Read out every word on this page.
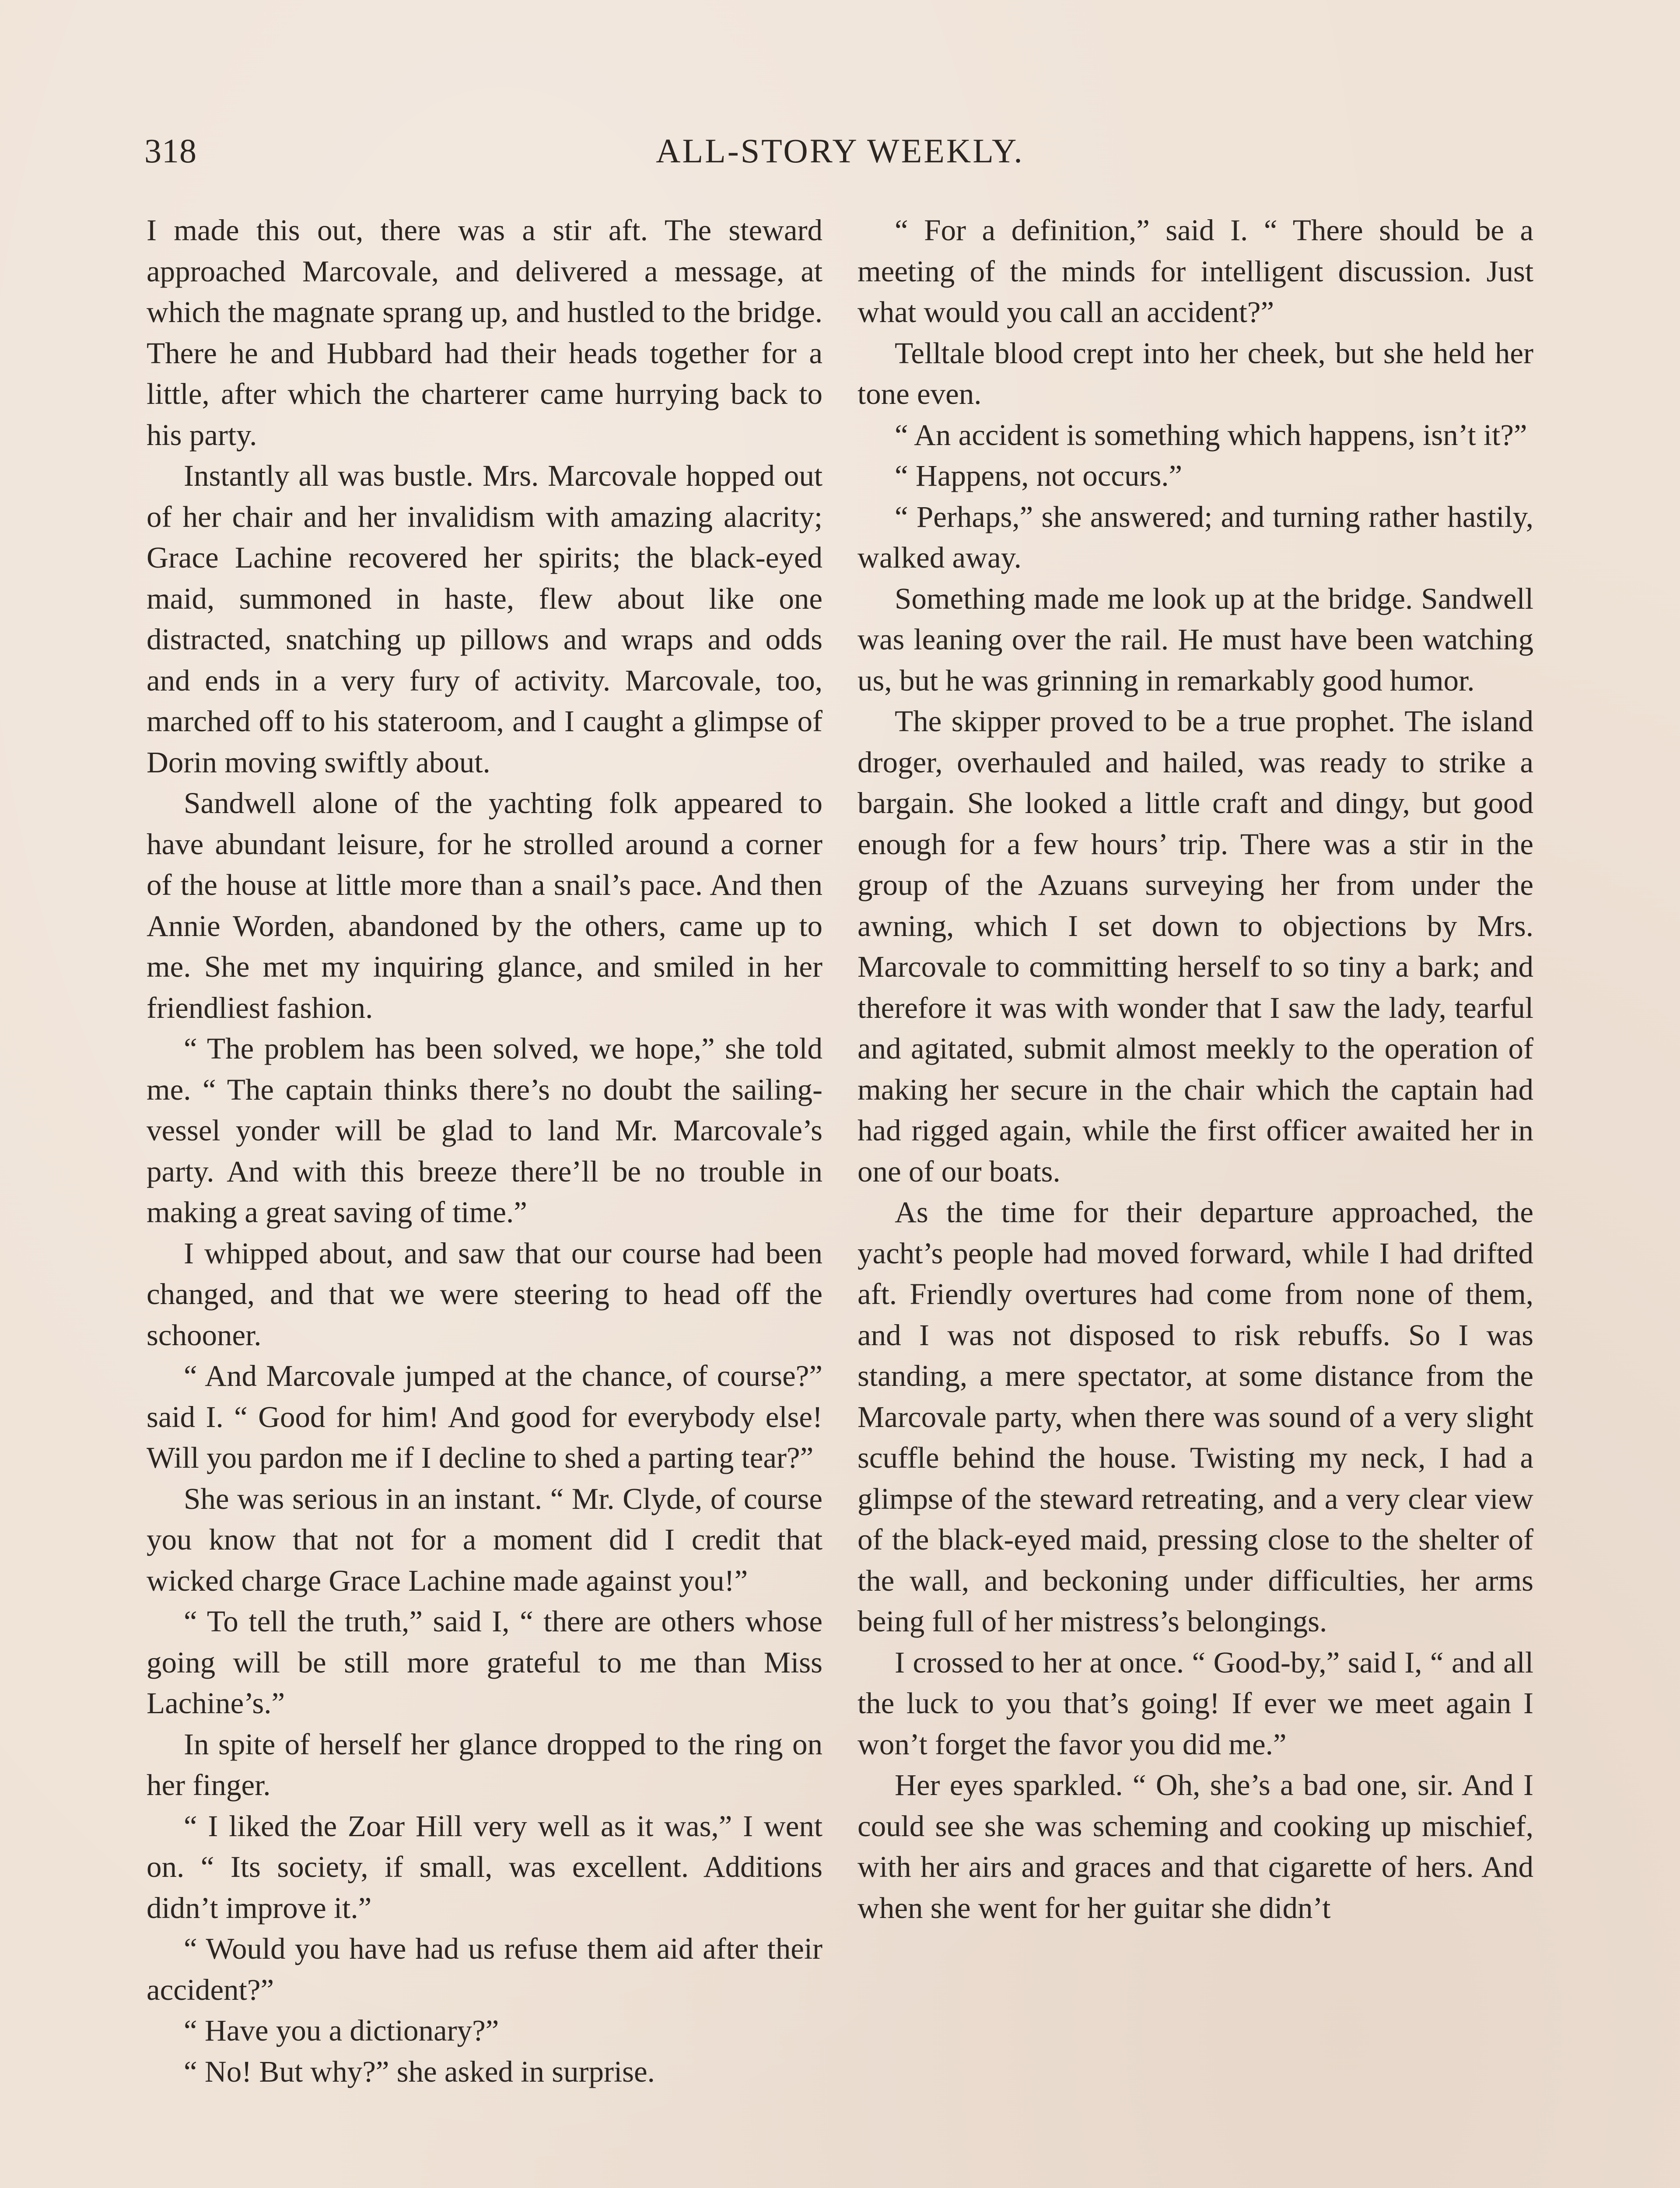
318	ALL-STORY WEEKLY.

I made this out, there was a stir aft. The steward approached Marcovale, and delivered a message, at which the magnate sprang up, and hustled to the bridge. There he and Hubbard had their heads together for a little, after which the charterer came hurrying back to his party.

Instantly all was bustle. Mrs. Marcovale hopped out of her chair and her invalidism with amazing alacrity; Grace Lachine recovered her spirits; the black-eyed maid, summoned in haste, flew about like one distracted, snatching up pillows and wraps and odds and ends in a very fury of activity. Marcovale, too, marched off to his stateroom, and I caught a glimpse of Dorin moving swiftly about.

Sandwell alone of the yachting folk appeared to have abundant leisure, for he strolled around a corner of the house at little more than a snail’s pace. And then Annie Worden, abandoned by the others, came up to me. She met my inquiring glance, and smiled in her friendliest fashion.

“ The problem has been solved, we hope,” she told me. “ The captain thinks there’s no doubt the sailing-vessel yonder will be glad to land Mr. Marcovale’s party. And with this breeze there’ll be no trouble in making a great saving of time.”

I whipped about, and saw that our course had been changed, and that we were steering to head off the schooner.

“ And Marcovale jumped at the chance, of course?” said I. “ Good for him! And good for everybody else! Will you pardon me if I decline to shed a parting tear?”

She was serious in an instant. “ Mr. Clyde, of course you know that not for a moment did I credit that wicked charge Grace Lachine made against you!”

“ To tell the truth,” said I, “ there are others whose going will be still more grateful to me than Miss Lachine’s.”

In spite of herself her glance dropped to the ring on her finger.

“ I liked the Zoar Hill very well as it was,” I went on. “ Its society, if small, was excellent. Additions didn’t improve it.”

“ Would you have had us refuse them aid after their accident?”

“ Have you a dictionary?”

“ No! But why?” she asked in surprise.

“ For a definition,” said I. “ There should be a meeting of the minds for intelligent discussion. Just what would you call an accident?”

Telltale blood crept into her cheek, but she held her tone even.

“ An accident is something which happens, isn’t it?”

“ Happens, not occurs.”

“ Perhaps,” she answered; and turning rather hastily, walked away.

Something made me look up at the bridge. Sandwell was leaning over the rail. He must have been watching us, but he was grinning in remarkably good humor.

The skipper proved to be a true prophet. The island droger, overhauled and hailed, was ready to strike a bargain. She looked a little craft and dingy, but good enough for a few hours’ trip. There was a stir in the group of the Azuans surveying her from under the awning, which I set down to objections by Mrs. Marcovale to committing herself to so tiny a bark; and therefore it was with wonder that I saw the lady, tearful and agitated, submit almost meekly to the operation of making her secure in the chair which the captain had had rigged again, while the first officer awaited her in one of our boats.

As the time for their departure approached, the yacht’s people had moved forward, while I had drifted aft. Friendly overtures had come from none of them, and I was not disposed to risk rebuffs. So I was standing, a mere spectator, at some distance from the Marcovale party, when there was sound of a very slight scuffle behind the house. Twisting my neck, I had a glimpse of the steward retreating, and a very clear view of the black-eyed maid, pressing close to the shelter of the wall, and beckoning under difficulties, her arms being full of her mistress’s belongings.

I crossed to her at once. “ Good-by,” said I, “ and all the luck to you that’s going! If ever we meet again I won’t forget the favor you did me.”

Her eyes sparkled. “ Oh, she’s a bad one, sir. And I could see she was scheming and cooking up mischief, with her airs and graces and that cigarette of hers. And when she went for her guitar she didn’t
